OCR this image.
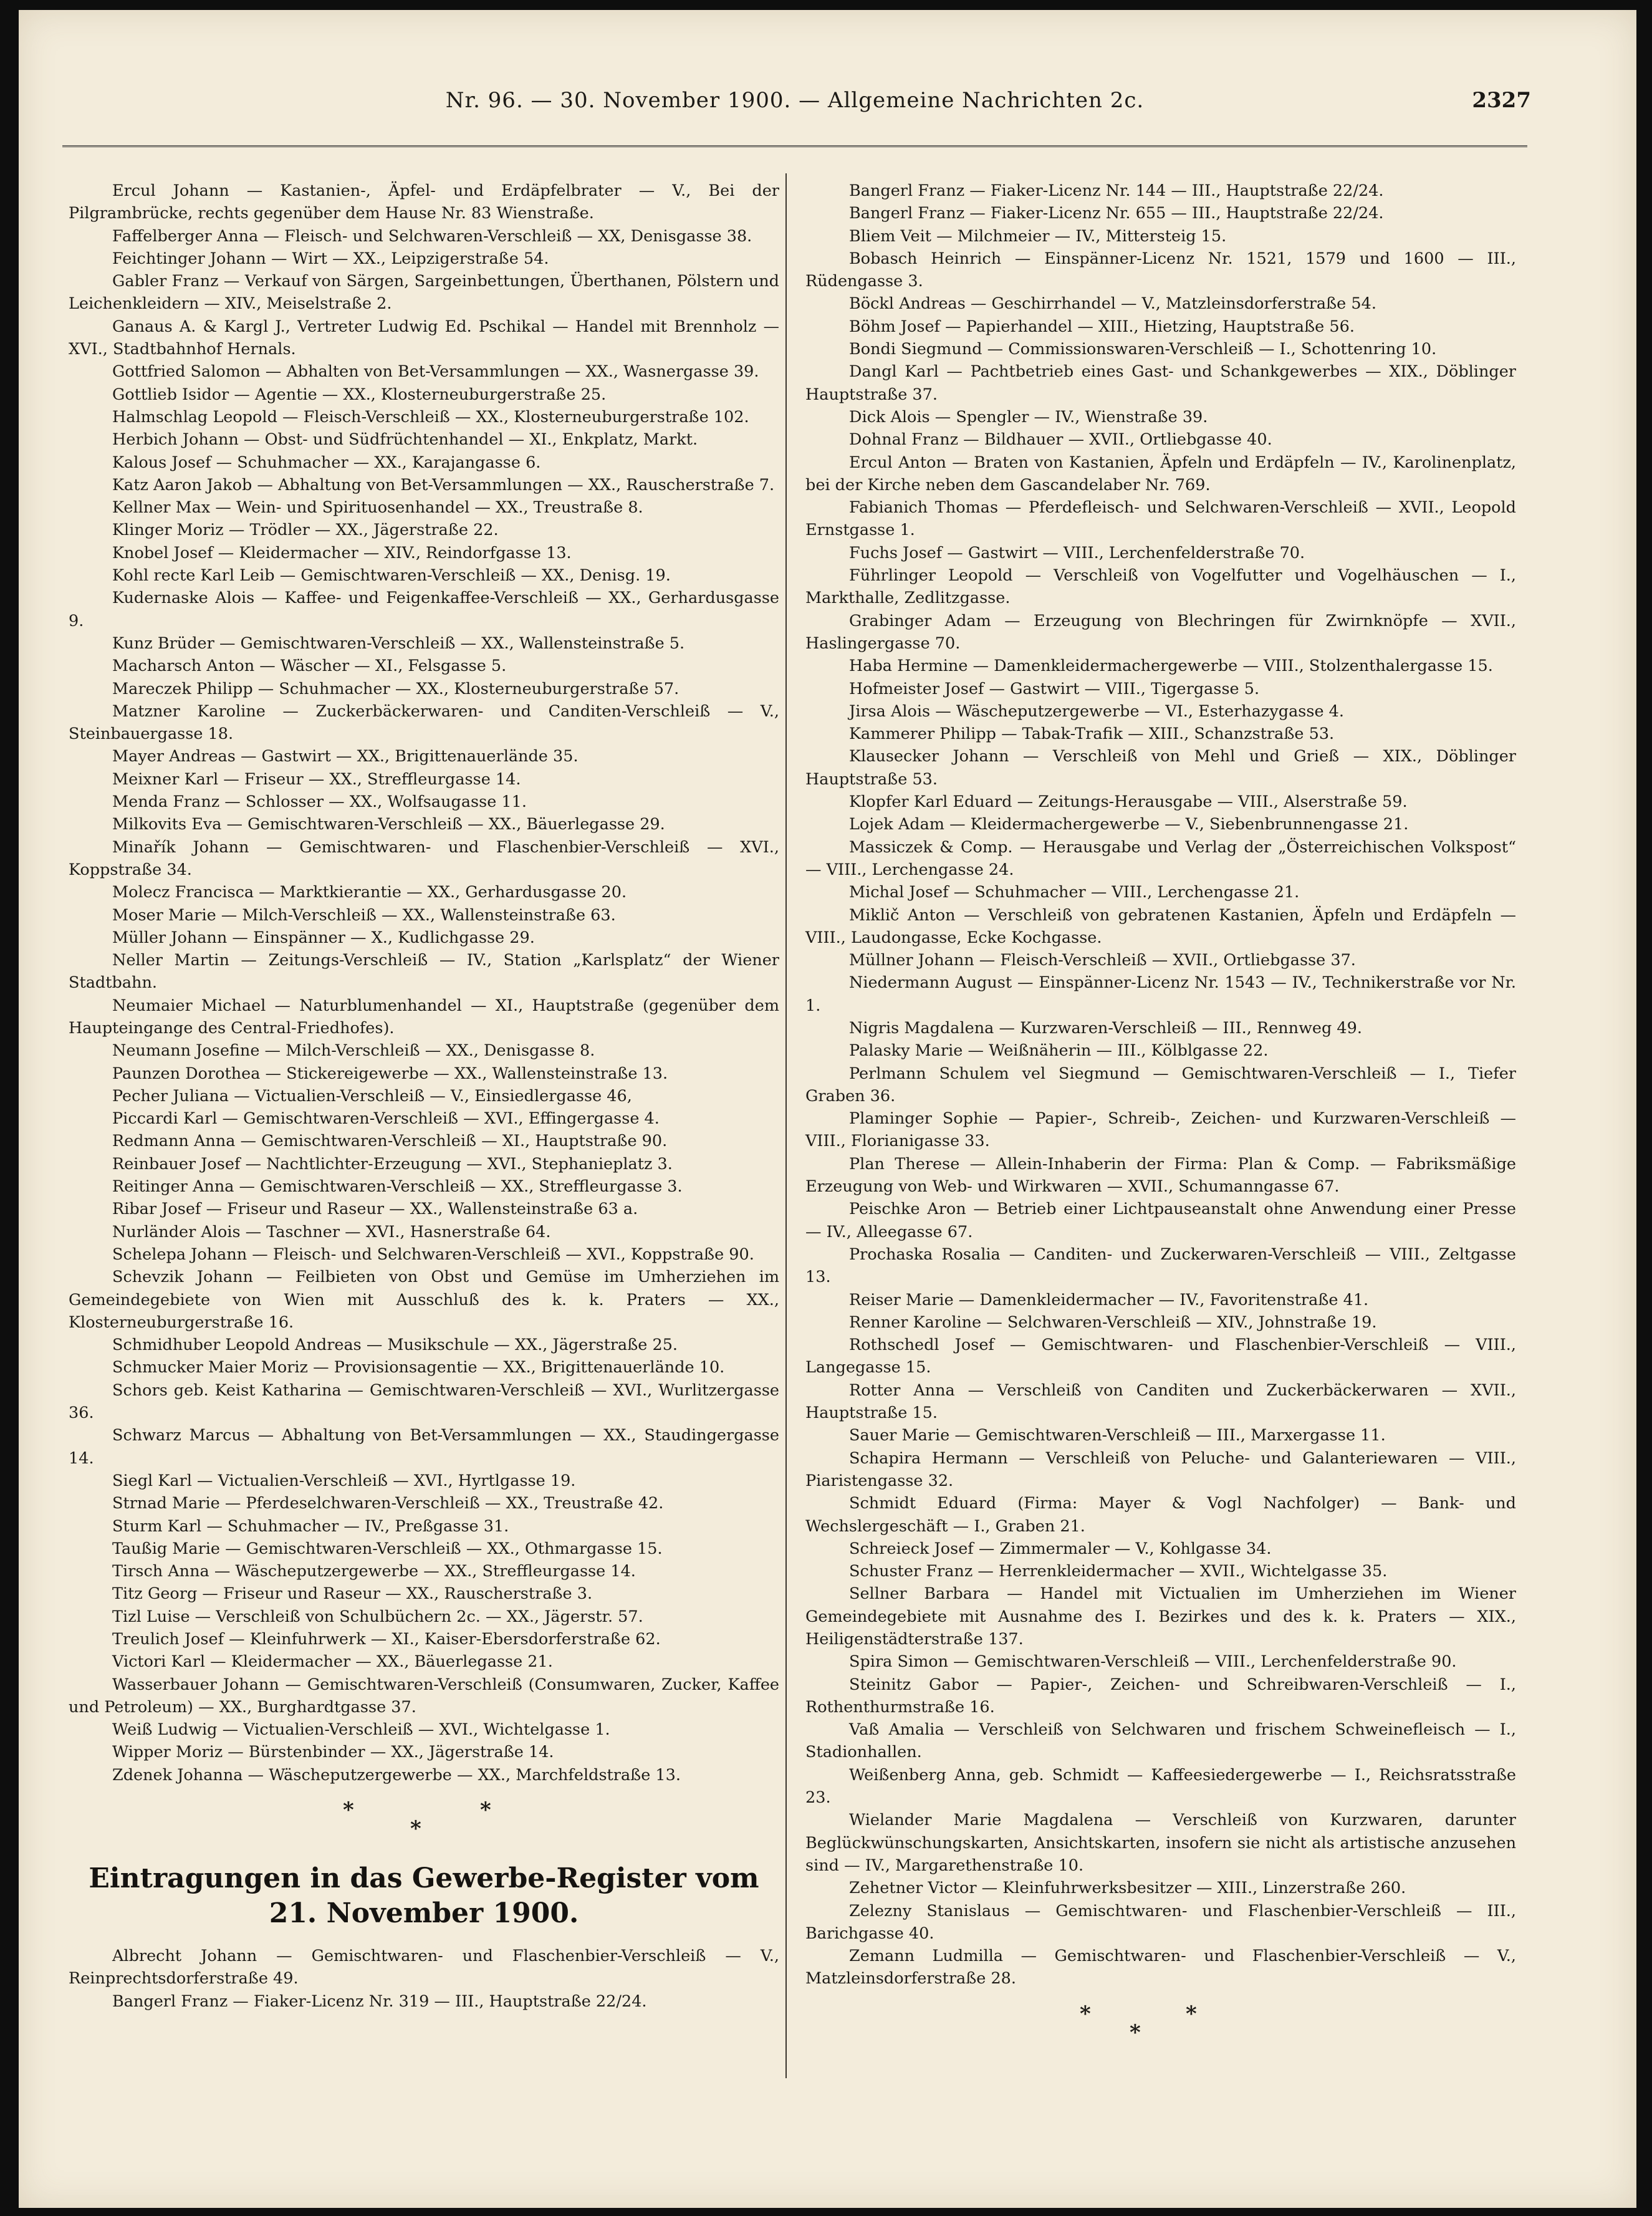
Nr. 96. — 30. November 1900. — Allgemeine Nachrichten 2c.	2327

Ercul Johann — Kastanien-, Äpfel- und Erdäpfelbrater — V., Bei der Pilgrambrücke, rechts gegenüber dem Hause Nr. 83 Wienstraße.

Faffelberger Anna — Fleisch- und Selchwaren-Verschleiß — XX, Denisgasse 38.

Feichtinger Johann — Wirt — XX., Leipzigerstraße 54.

Gabler Franz — Verkauf von Särgen, Sargeinbettungen, Überthanen, Pölstern und Leichenkleidern — XIV., Meiselstraße 2.

Ganaus A. & Kargl J., Vertreter Ludwig Ed. Pschikal — Handel mit Brennholz — XVI., Stadtbahnhof Hernals.

Gottfried Salomon — Abhalten von Bet-Versammlungen — XX., Wasnergasse 39.

Gottlieb Isidor — Agentie — XX., Klosterneuburgerstraße 25.

Halmschlag Leopold — Fleisch-Verschleiß — XX., Klosterneuburgerstraße 102.

Herbich Johann — Obst- und Südfrüchtenhandel — XI., Enkplatz, Markt.

Kalous Josef — Schuhmacher — XX., Karajangasse 6.

Katz Aaron Jakob — Abhaltung von Bet-Versammlungen — XX., Rauscherstraße 7.

Kellner Max — Wein- und Spirituosenhandel — XX., Treustraße 8.

Klinger Moriz — Trödler — XX., Jägerstraße 22.

Knobel Josef — Kleidermacher — XIV., Reindorfgasse 13.

Kohl recte Karl Leib — Gemischtwaren-Verschleiß — XX., Denisg. 19.

Kudernaske Alois — Kaffee- und Feigenkaffee-Verschleiß — XX., Gerhardusgasse 9.

Kunz Brüder — Gemischtwaren-Verschleiß — XX., Wallensteinstraße 5.

Macharsch Anton — Wäscher — XI., Felsgasse 5.

Mareczek Philipp — Schuhmacher — XX., Klosterneuburgerstraße 57.

Matzner Karoline — Zuckerbäckerwaren- und Canditen-Verschleiß — V., Steinbauergasse 18.

Mayer Andreas — Gastwirt — XX., Brigittenauerlände 35.

Meixner Karl — Friseur — XX., Streffleurgasse 14.

Menda Franz — Schlosser — XX., Wolfsaugasse 11.

Milkovits Eva — Gemischtwaren-Verschleiß — XX., Bäuerlegasse 29.

Minařík Johann — Gemischtwaren- und Flaschenbier-Verschleiß — XVI., Koppstraße 34.

Molecz Francisca — Marktkierantie — XX., Gerhardusgasse 20.

Moser Marie — Milch-Verschleiß — XX., Wallensteinstraße 63.

Müller Johann — Einspänner — X., Kudlichgasse 29.

Neller Martin — Zeitungs-Verschleiß — IV., Station „Karlsplatz“ der Wiener Stadtbahn.

Neumaier Michael — Naturblumenhandel — XI., Hauptstraße (gegenüber dem Haupteingange des Central-Friedhofes).

Neumann Josefine — Milch-Verschleiß — XX., Denisgasse 8.

Paunzen Dorothea — Stickereigewerbe — XX., Wallensteinstraße 13.

Pecher Juliana — Victualien-Verschleiß — V., Einsiedlergasse 46,

Piccardi Karl — Gemischtwaren-Verschleiß — XVI., Effingergasse 4.

Redmann Anna — Gemischtwaren-Verschleiß — XI., Hauptstraße 90.

Reinbauer Josef — Nachtlichter-Erzeugung — XVI., Stephanieplatz 3.

Reitinger Anna — Gemischtwaren-Verschleiß — XX., Streffleurgasse 3.

Ribar Josef — Friseur und Raseur — XX., Wallensteinstraße 63 a.

Nurländer Alois — Taschner — XVI., Hasnerstraße 64.

Schelepa Johann — Fleisch- und Selchwaren-Verschleiß — XVI., Koppstraße 90.

Schevzik Johann — Feilbieten von Obst und Gemüse im Umherziehen im Gemeindegebiete von Wien mit Ausschluß des k. k. Praters — XX., Klosterneuburgerstraße 16.

Schmidhuber Leopold Andreas — Musikschule — XX., Jägerstraße 25.

Schmucker Maier Moriz — Provisionsagentie — XX., Brigittenauerlände 10.

Schors geb. Keist Katharina — Gemischtwaren-Verschleiß — XVI., Wurlitzergasse 36.

Schwarz Marcus — Abhaltung von Bet-Versammlungen — XX., Staudingergasse 14.

Siegl Karl — Victualien-Verschleiß — XVI., Hyrtlgasse 19.

Strnad Marie — Pferdeselchwaren-Verschleiß — XX., Treustraße 42.

Sturm Karl — Schuhmacher — IV., Preßgasse 31.

Taußig Marie — Gemischtwaren-Verschleiß — XX., Othmargasse 15.

Tirsch Anna — Wäscheputzergewerbe — XX., Streffleurgasse 14.

Titz Georg — Friseur und Raseur — XX., Rauscherstraße 3.

Tizl Luise — Verschleiß von Schulbüchern 2c. — XX., Jägerstr. 57.

Treulich Josef — Kleinfuhrwerk — XI., Kaiser-Ebersdorferstraße 62.

Victori Karl — Kleidermacher — XX., Bäuerlegasse 21.

Wasserbauer Johann — Gemischtwaren-Verschleiß (Consumwaren, Zucker, Kaffee und Petroleum) — XX., Burghardtgasse 37.

Weiß Ludwig — Victualien-Verschleiß — XVI., Wichtelgasse 1.

Wipper Moriz — Bürstenbinder — XX., Jägerstraße 14.

Zdenek Johanna — Wäscheputzergewerbe — XX., Marchfeldstraße 13.

*
*
*
Eintragungen in das Gewerbe-Register vom 21. November 1900.

Albrecht Johann — Gemischtwaren- und Flaschenbier-Verschleiß — V., Reinprechtsdorferstraße 49.

Bangerl Franz — Fiaker-Licenz Nr. 319 — III., Hauptstraße 22/24.

Bangerl Franz — Fiaker-Licenz Nr. 144 — III., Hauptstraße 22/24.

Bangerl Franz — Fiaker-Licenz Nr. 655 — III., Hauptstraße 22/24.

Bliem Veit — Milchmeier — IV., Mittersteig 15.

Bobasch Heinrich — Einspänner-Licenz Nr. 1521, 1579 und 1600 — III., Rüdengasse 3.

Böckl Andreas — Geschirrhandel — V., Matzleinsdorferstraße 54.

Böhm Josef — Papierhandel — XIII., Hietzing, Hauptstraße 56.

Bondi Siegmund — Commissionswaren-Verschleiß — I., Schottenring 10.

Dangl Karl — Pachtbetrieb eines Gast- und Schankgewerbes — XIX., Döblinger Hauptstraße 37.

Dick Alois — Spengler — IV., Wienstraße 39.

Dohnal Franz — Bildhauer — XVII., Ortliebgasse 40.

Ercul Anton — Braten von Kastanien, Äpfeln und Erdäpfeln — IV., Karolinenplatz, bei der Kirche neben dem Gascandelaber Nr. 769.

Fabianich Thomas — Pferdefleisch- und Selchwaren-Verschleiß — XVII., Leopold Ernstgasse 1.

Fuchs Josef — Gastwirt — VIII., Lerchenfelderstraße 70.

Führlinger Leopold — Verschleiß von Vogelfutter und Vogelhäuschen — I., Markthalle, Zedlitzgasse.

Grabinger Adam — Erzeugung von Blechringen für Zwirnknöpfe — XVII., Haslingergasse 70.

Haba Hermine — Damenkleidermachergewerbe — VIII., Stolzenthalergasse 15.

Hofmeister Josef — Gastwirt — VIII., Tigergasse 5.

Jirsa Alois — Wäscheputzergewerbe — VI., Esterhazygasse 4.

Kammerer Philipp — Tabak-Trafik — XIII., Schanzstraße 53.

Klausecker Johann — Verschleiß von Mehl und Grieß — XIX., Döblinger Hauptstraße 53.

Klopfer Karl Eduard — Zeitungs-Herausgabe — VIII., Alserstraße 59.

Lojek Adam — Kleidermachergewerbe — V., Siebenbrunnengasse 21.

Massiczek & Comp. — Herausgabe und Verlag der „Österreichischen Volkspost“ — VIII., Lerchengasse 24.

Michal Josef — Schuhmacher — VIII., Lerchengasse 21.

Miklič Anton — Verschleiß von gebratenen Kastanien, Äpfeln und Erdäpfeln — VIII., Laudongasse, Ecke Kochgasse.

Müllner Johann — Fleisch-Verschleiß — XVII., Ortliebgasse 37.

Niedermann August — Einspänner-Licenz Nr. 1543 — IV., Technikerstraße vor Nr. 1.

Nigris Magdalena — Kurzwaren-Verschleiß — III., Rennweg 49.

Palasky Marie — Weißnäherin — III., Kölblgasse 22.

Perlmann Schulem vel Siegmund — Gemischtwaren-Verschleiß — I., Tiefer Graben 36.

Plaminger Sophie — Papier-, Schreib-, Zeichen- und Kurzwaren-Verschleiß — VIII., Florianigasse 33.

Plan Therese — Allein-Inhaberin der Firma: Plan & Comp. — Fabriksmäßige Erzeugung von Web- und Wirkwaren — XVII., Schumanngasse 67.

Peischke Aron — Betrieb einer Lichtpauseanstalt ohne Anwendung einer Presse — IV., Alleegasse 67.

Prochaska Rosalia — Canditen- und Zuckerwaren-Verschleiß — VIII., Zeltgasse 13.

Reiser Marie — Damenkleidermacher — IV., Favoritenstraße 41.

Renner Karoline — Selchwaren-Verschleiß — XIV., Johnstraße 19.

Rothschedl Josef — Gemischtwaren- und Flaschenbier-Verschleiß — VIII., Langegasse 15.

Rotter Anna — Verschleiß von Canditen und Zuckerbäckerwaren — XVII., Hauptstraße 15.

Sauer Marie — Gemischtwaren-Verschleiß — III., Marxergasse 11.

Schapira Hermann — Verschleiß von Peluche- und Galanteriewaren — VIII., Piaristengasse 32.

Schmidt Eduard (Firma: Mayer & Vogl Nachfolger) — Bank- und Wechslergeschäft — I., Graben 21.

Schreieck Josef — Zimmermaler — V., Kohlgasse 34.

Schuster Franz — Herrenkleidermacher — XVII., Wichtelgasse 35.

Sellner Barbara — Handel mit Victualien im Umherziehen im Wiener Gemeindegebiete mit Ausnahme des I. Bezirkes und des k. k. Praters — XIX., Heiligenstädterstraße 137.

Spira Simon — Gemischtwaren-Verschleiß — VIII., Lerchenfelderstraße 90.

Steinitz Gabor — Papier-, Zeichen- und Schreibwaren-Verschleiß — I., Rothenthurmstraße 16.

Vaß Amalia — Verschleiß von Selchwaren und frischem Schweinefleisch — I., Stadionhallen.

Weißenberg Anna, geb. Schmidt — Kaffeesiedergewerbe — I., Reichsratsstraße 23.

Wielander Marie Magdalena — Verschleiß von Kurzwaren, darunter Beglückwünschungskarten, Ansichtskarten, insofern sie nicht als artistische anzusehen sind — IV., Margarethenstraße 10.

Zehetner Victor — Kleinfuhrwerksbesitzer — XIII., Linzerstraße 260.

Zelezny Stanislaus — Gemischtwaren- und Flaschenbier-Verschleiß — III., Barichgasse 40.

Zemann Ludmilla — Gemischtwaren- und Flaschenbier-Verschleiß — V., Matzleinsdorferstraße 28.

*
*
*
